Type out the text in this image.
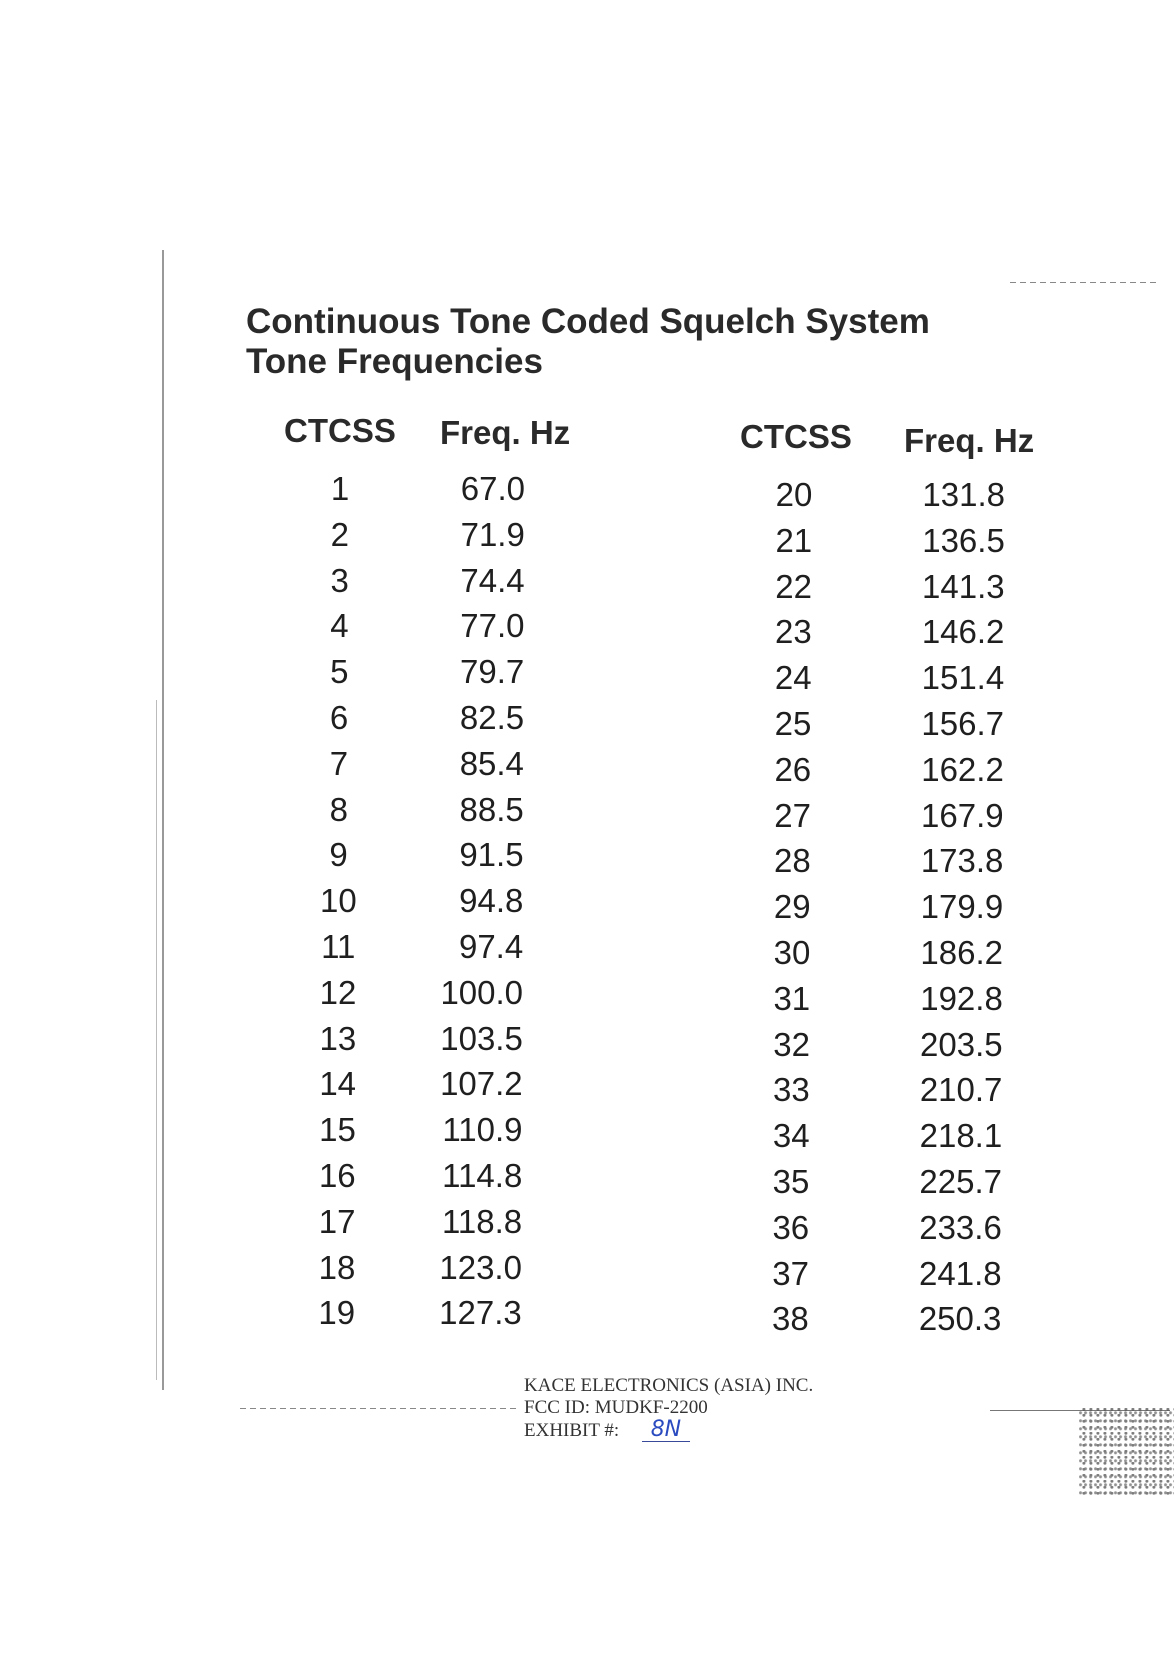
Continuous Tone Coded Squelch System
Tone Frequencies
CTCSS Freq. Hz	CTCSS Freq. Hz
1	67.0
2	71.9
3	74.4
4	77.0
5	79.7
6	82.5
7	85.4
8	88.5
9	91.5
10	94.8
11	97.4
12	100.0
13	103.5
14	107.2
15	110.9
16	114.8
17	118.8
18	123.0
19	127.3
20	131.8
21	136.5
22	141.3
23	146.2
24	151.4
25	156.7
26	162.2
27	167.9
28	173.8
29	179.9
30	186.2
31	192.8
32	203.5
33	210.7
34	218.1
35	225.7
36	233.6
37	241.8
38	250.3
KACE ELECTRONICS (ASIA) INC.
FCC ID: MUDKF-2200
EXHIBIT #: 8N
